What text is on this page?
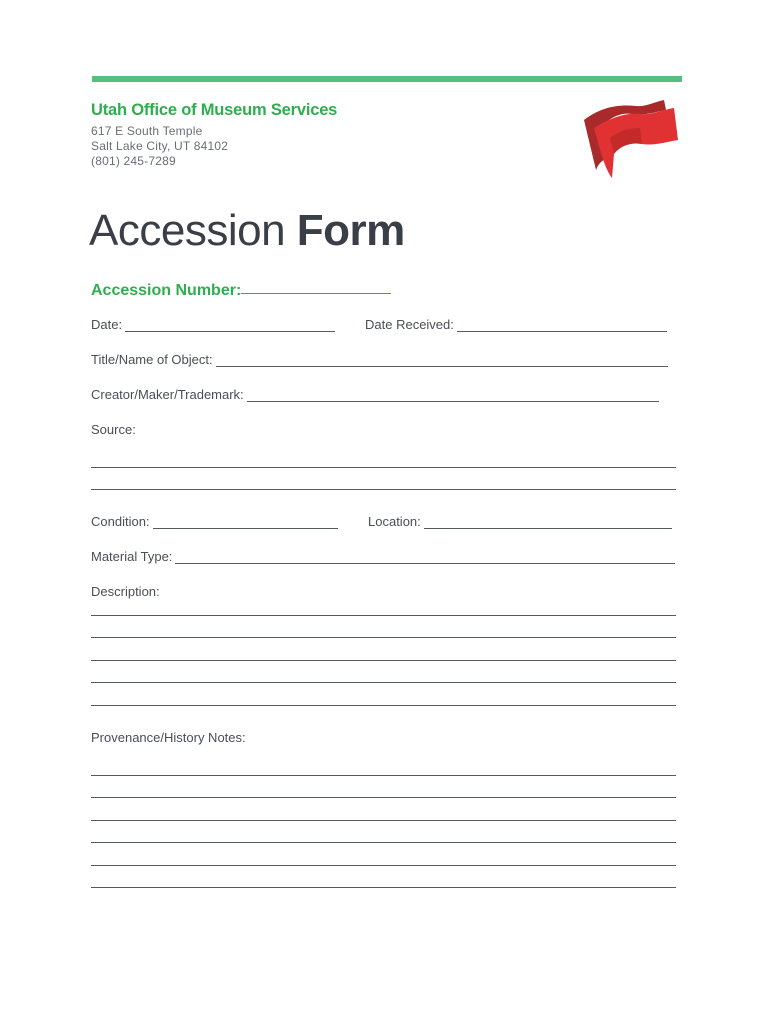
Utah Office of Museum Services
617 E South Temple
Salt Lake City, UT 84102
(801) 245-7289
Accession Form
Accession Number:
Date:	Date Received:
Title/Name of Object:
Creator/Maker/Trademark:
Source:
Condition:	Location:
Material Type:
Description:
Provenance/History Notes:
